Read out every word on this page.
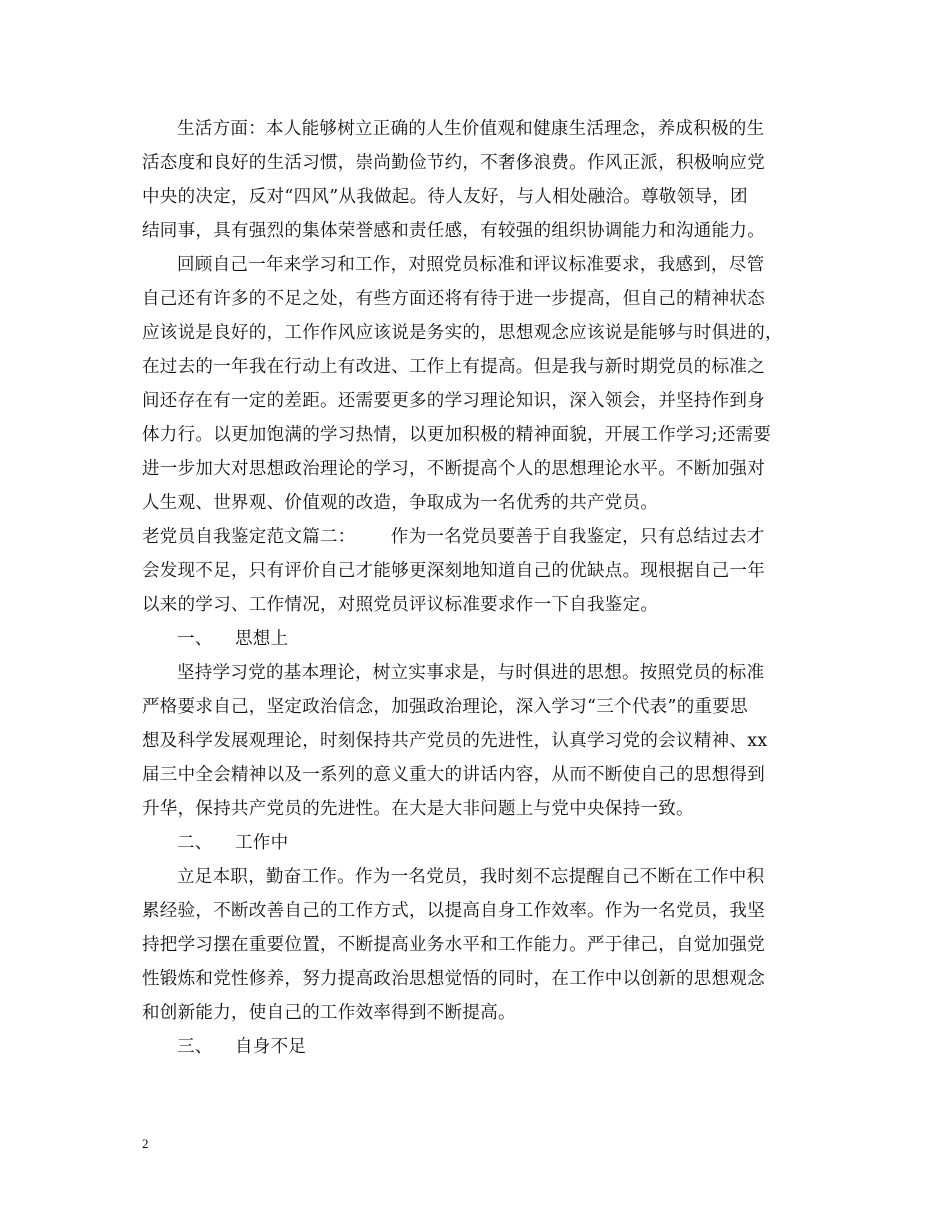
生活方面：本人能够树立正确的人生价值观和健康生活理念，养成积极的生
活态度和良好的生活习惯，崇尚勤俭节约，不奢侈浪费。作风正派，积极响应党
中央的决定，反对“四风”从我做起。待人友好，与人相处融洽。尊敬领导，团
结同事，具有强烈的集体荣誉感和责任感，有较强的组织协调能力和沟通能力。
回顾自己一年来学习和工作，对照党员标准和评议标准要求，我感到，尽管
自己还有许多的不足之处，有些方面还将有待于进一步提高，但自己的精神状态
应该说是良好的，工作作风应该说是务实的，思想观念应该说是能够与时俱进的，
在过去的一年我在行动上有改进、工作上有提高。但是我与新时期党员的标准之
间还存在有一定的差距。还需要更多的学习理论知识，深入领会，并坚持作到身
体力行。以更加饱满的学习热情，以更加积极的精神面貌，开展工作学习;还需要
进一步加大对思想政治理论的学习，不断提高个人的思想理论水平。不断加强对
人生观、世界观、价值观的改造，争取成为一名优秀的共产党员。
老党员自我鉴定范文篇二：      作为一名党员要善于自我鉴定，只有总结过去才
会发现不足，只有评价自己才能够更深刻地知道自己的优缺点。现根据自己一年
以来的学习、工作情况，对照党员评议标准要求作一下自我鉴定。
一、 思想上
坚持学习党的基本理论，树立实事求是，与时俱进的思想。按照党员的标准
严格要求自己，坚定政治信念，加强政治理论，深入学习“三个代表”的重要思
想及科学发展观理论，时刻保持共产党员的先进性，认真学习党的会议精神、xx
届三中全会精神以及一系列的意义重大的讲话内容，从而不断使自己的思想得到
升华，保持共产党员的先进性。在大是大非问题上与党中央保持一致。
二、 工作中
立足本职，勤奋工作。作为一名党员，我时刻不忘提醒自己不断在工作中积
累经验，不断改善自己的工作方式，以提高自身工作效率。作为一名党员，我坚
持把学习摆在重要位置，不断提高业务水平和工作能力。严于律己，自觉加强党
性锻炼和党性修养，努力提高政治思想觉悟的同时，在工作中以创新的思想观念
和创新能力，使自己的工作效率得到不断提高。
三、 自身不足
2
